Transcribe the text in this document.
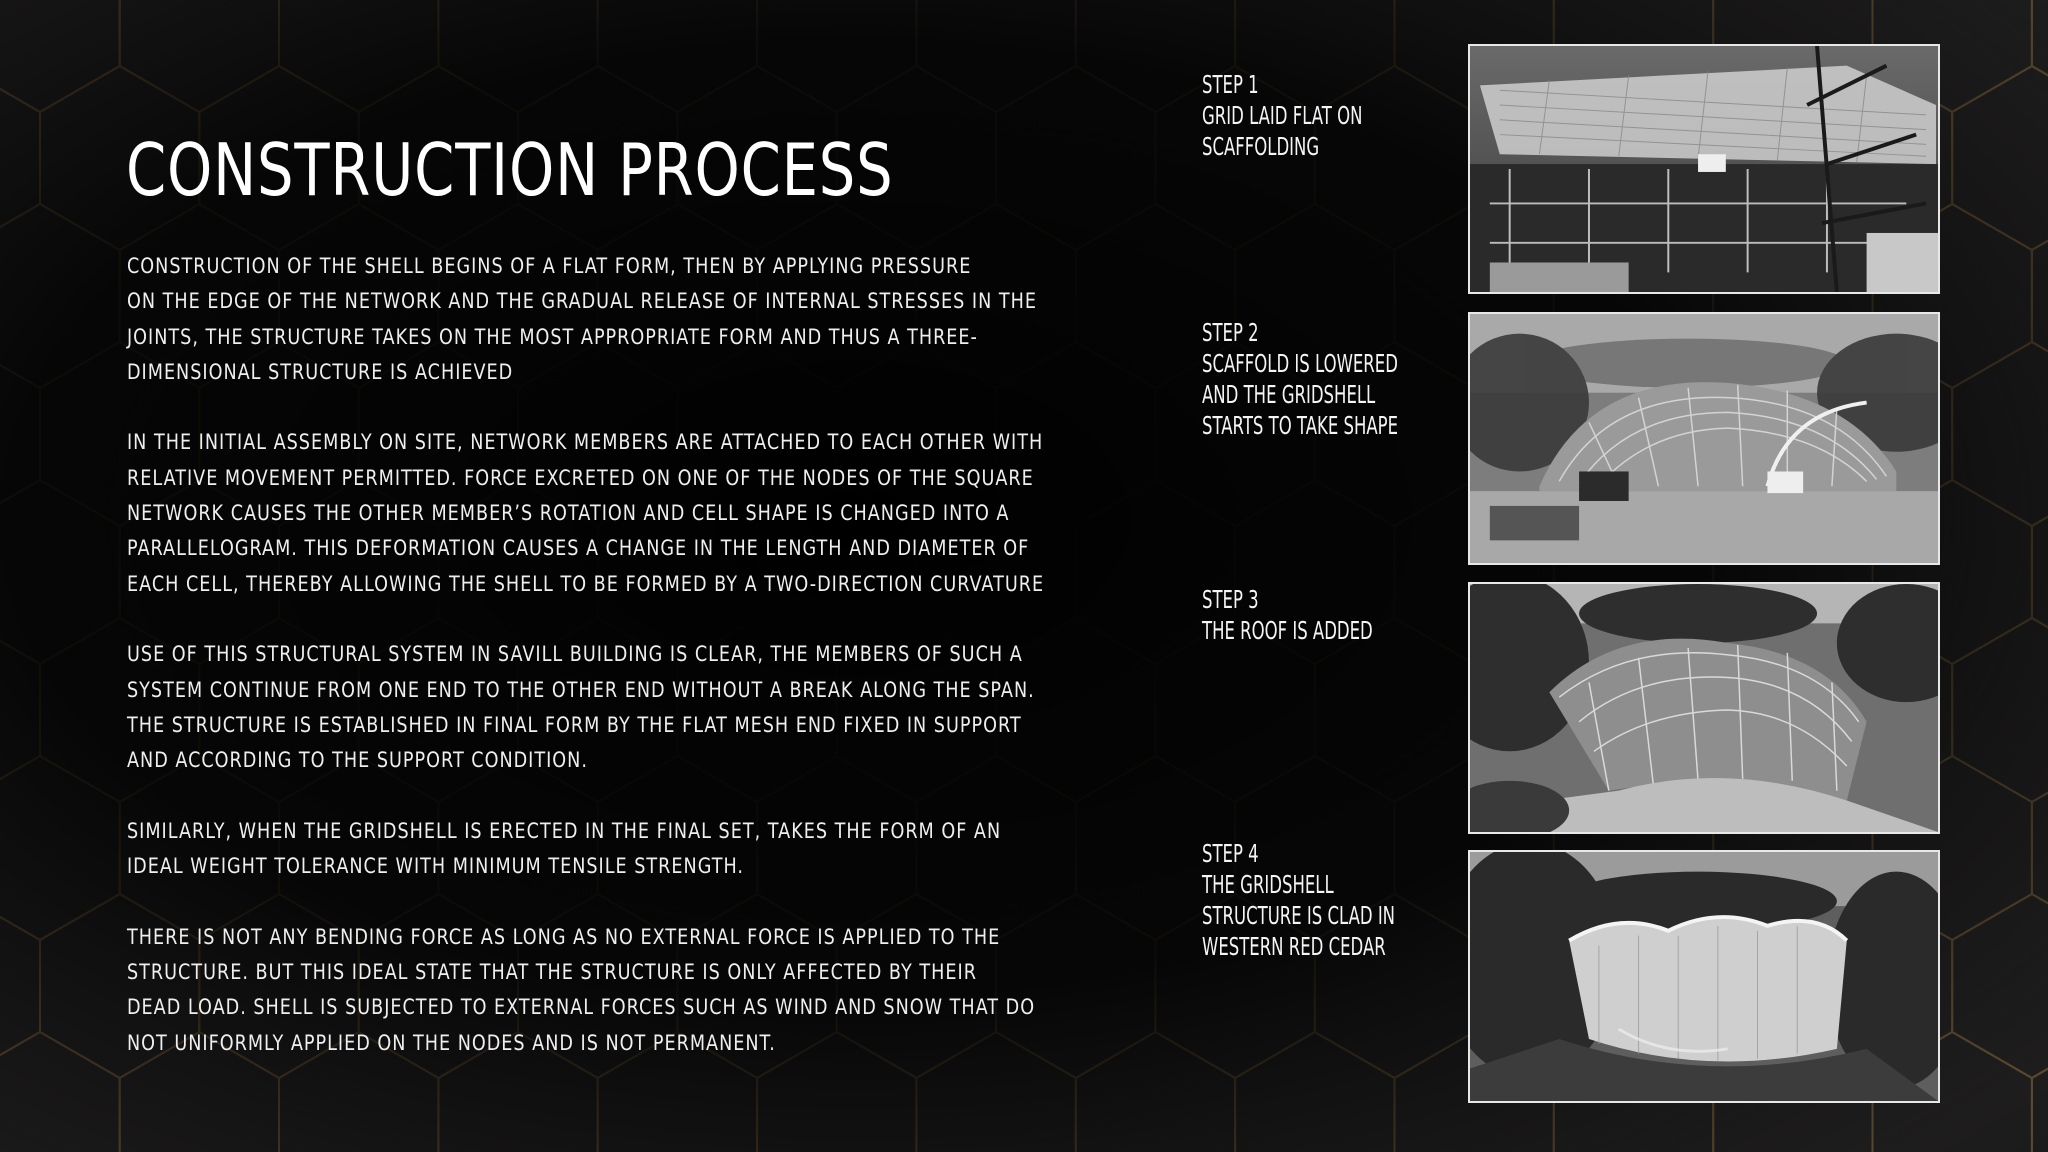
CONSTRUCTION PROCESS
CONSTRUCTION OF THE SHELL BEGINS OF A FLAT FORM, THEN BY APPLYING PRESSURE
ON THE EDGE OF THE NETWORK AND THE GRADUAL RELEASE OF INTERNAL STRESSES IN THE
JOINTS, THE STRUCTURE TAKES ON THE MOST APPROPRIATE FORM AND THUS A THREE-
DIMENSIONAL STRUCTURE IS ACHIEVED
IN THE INITIAL ASSEMBLY ON SITE, NETWORK MEMBERS ARE ATTACHED TO EACH OTHER WITH
RELATIVE MOVEMENT PERMITTED. FORCE EXCRETED ON ONE OF THE NODES OF THE SQUARE
NETWORK CAUSES THE OTHER MEMBER’S ROTATION AND CELL SHAPE IS CHANGED INTO A
PARALLELOGRAM. THIS DEFORMATION CAUSES A CHANGE IN THE LENGTH AND DIAMETER OF
EACH CELL, THEREBY ALLOWING THE SHELL TO BE FORMED BY A TWO-DIRECTION CURVATURE
USE OF THIS STRUCTURAL SYSTEM IN SAVILL BUILDING IS CLEAR, THE MEMBERS OF SUCH A
SYSTEM CONTINUE FROM ONE END TO THE OTHER END WITHOUT A BREAK ALONG THE SPAN.
THE STRUCTURE IS ESTABLISHED IN FINAL FORM BY THE FLAT MESH END FIXED IN SUPPORT
AND ACCORDING TO THE SUPPORT CONDITION.
SIMILARLY, WHEN THE GRIDSHELL IS ERECTED IN THE FINAL SET, TAKES THE FORM OF AN
IDEAL WEIGHT TOLERANCE WITH MINIMUM TENSILE STRENGTH.
THERE IS NOT ANY BENDING FORCE AS LONG AS NO EXTERNAL FORCE IS APPLIED TO THE
STRUCTURE. BUT THIS IDEAL STATE THAT THE STRUCTURE IS ONLY AFFECTED BY THEIR
DEAD LOAD. SHELL IS SUBJECTED TO EXTERNAL FORCES SUCH AS WIND AND SNOW THAT DO
NOT UNIFORMLY APPLIED ON THE NODES AND IS NOT PERMANENT.
STEP 1
GRID LAID FLAT ON
SCAFFOLDING
STEP 2
SCAFFOLD IS LOWERED
AND THE GRIDSHELL
STARTS TO TAKE SHAPE
STEP 3
THE ROOF IS ADDED
STEP 4
THE GRIDSHELL
STRUCTURE IS CLAD IN
WESTERN RED CEDAR
